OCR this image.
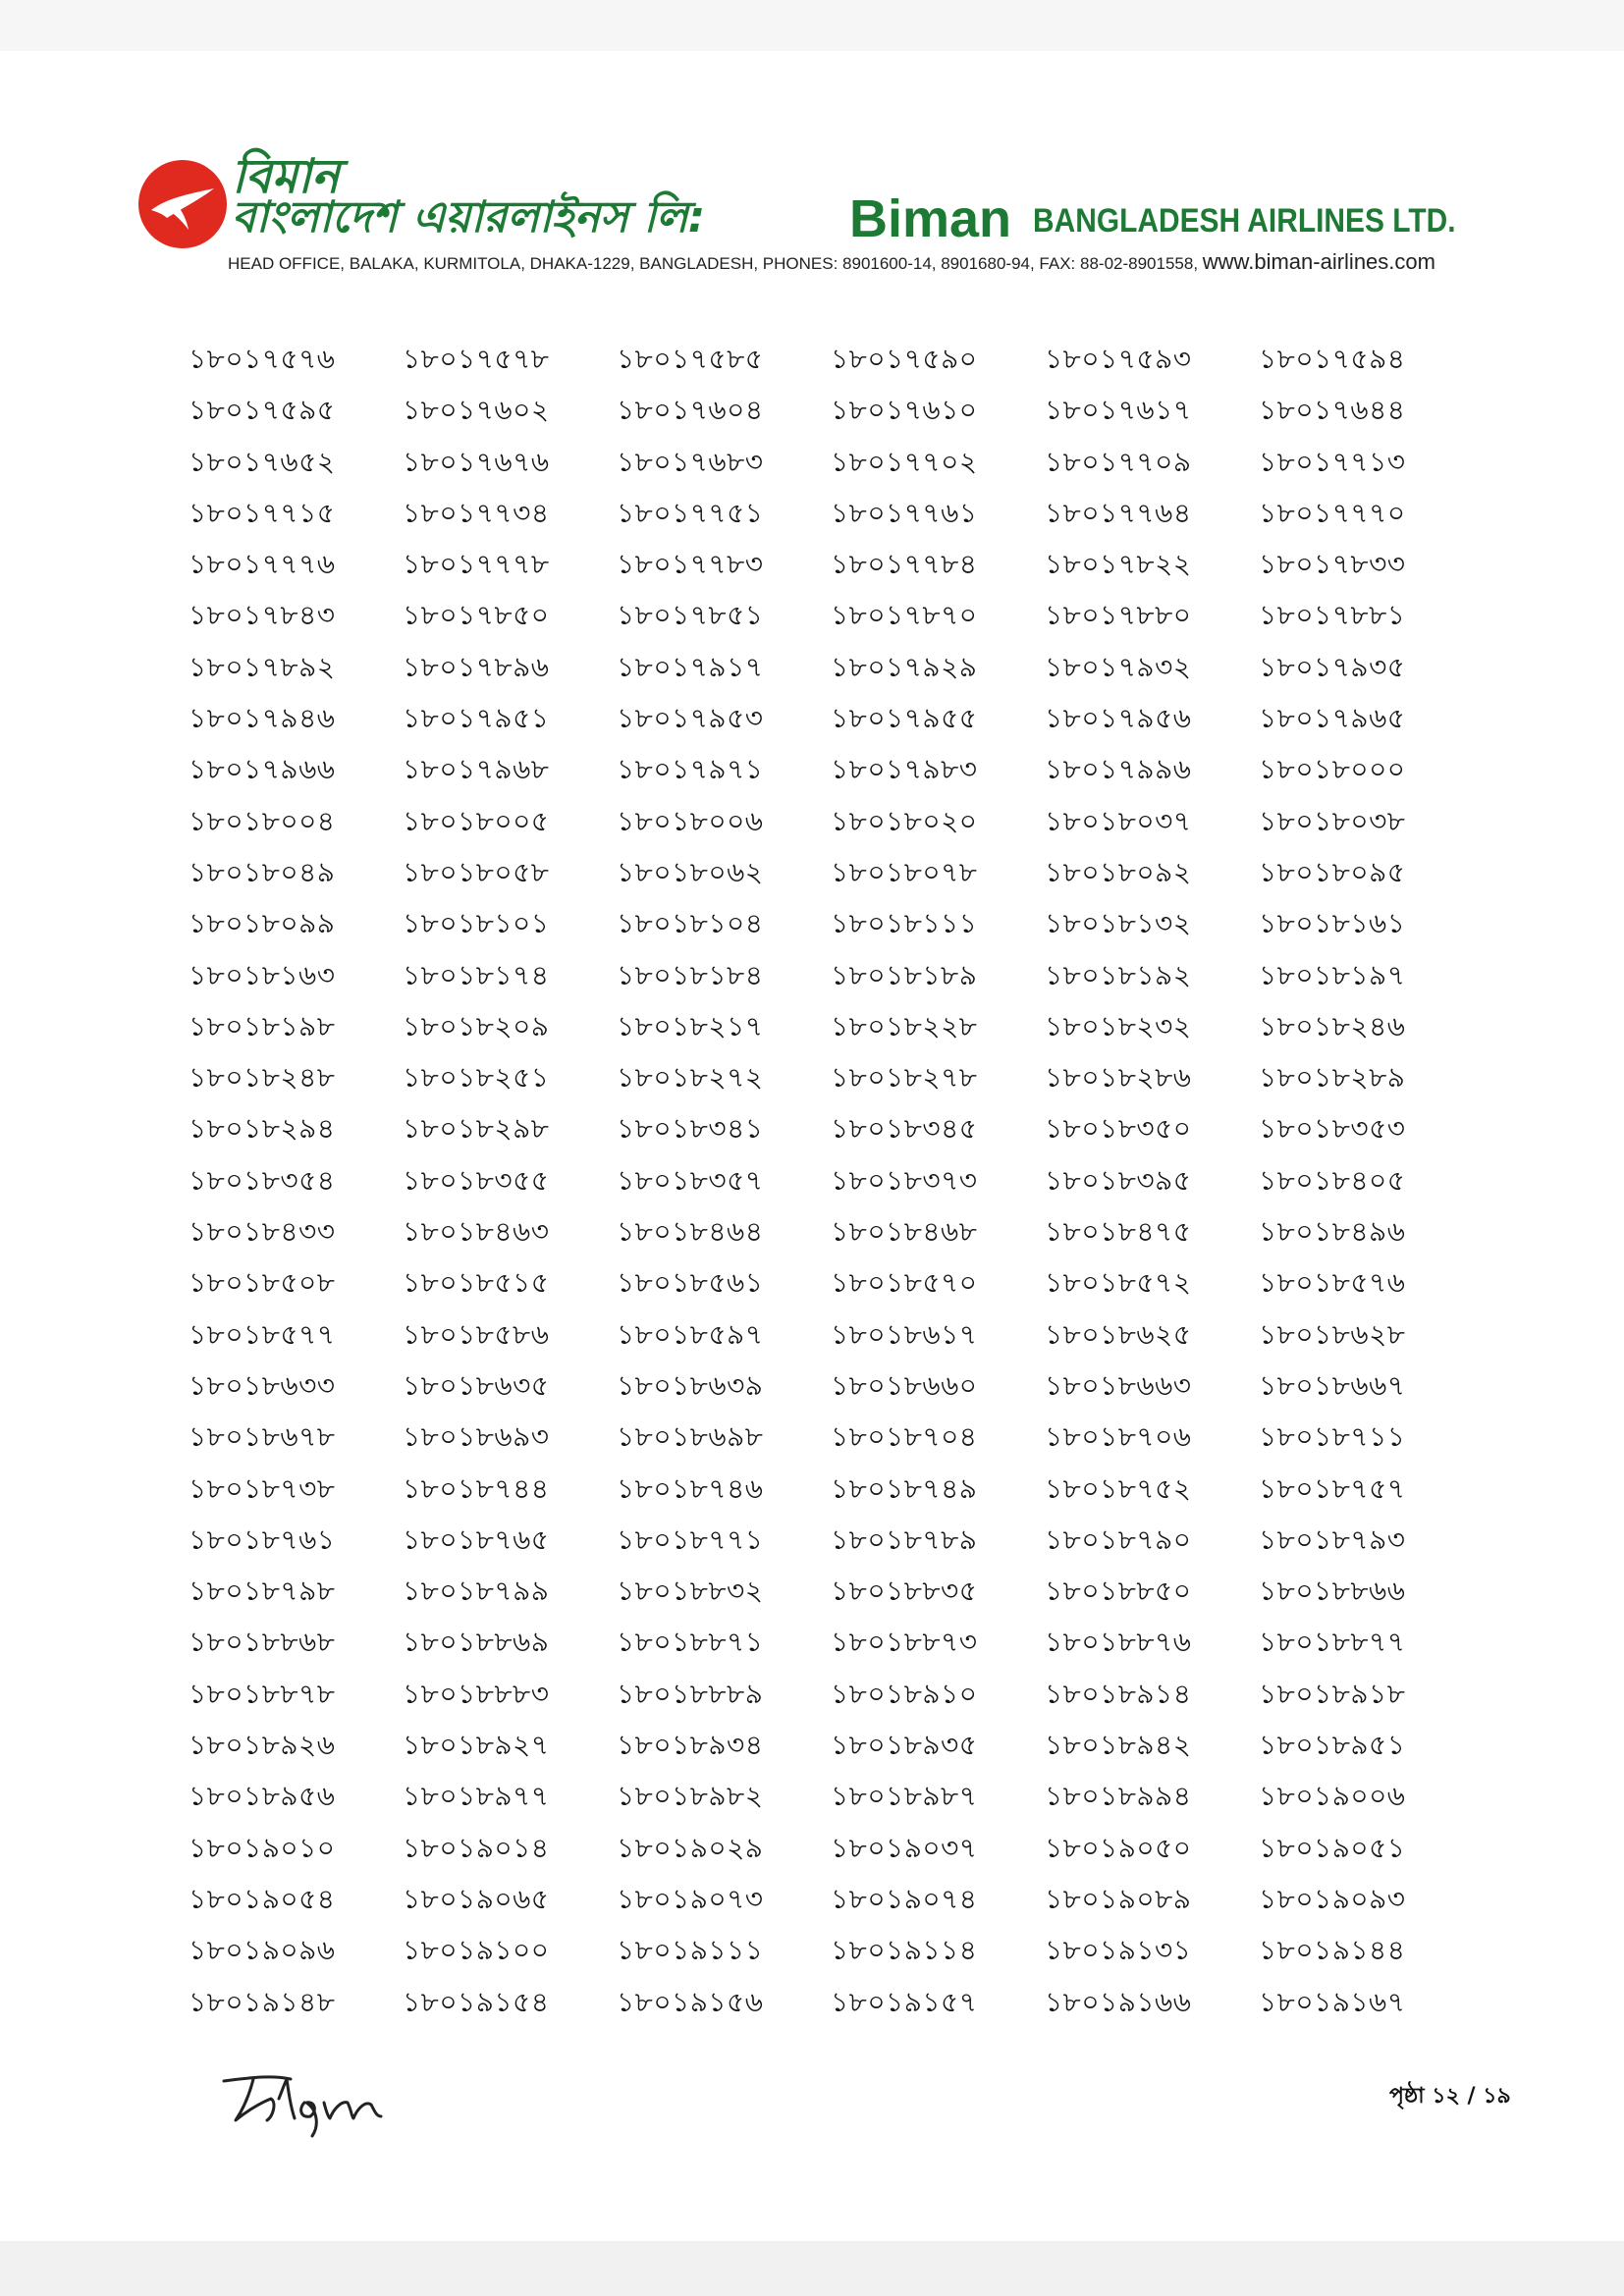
বিমান
বাংলাদেশ এয়ারলাইনস লি:	Biman BANGLADESH AIRLINES LTD.
HEAD OFFICE, BALAKA, KURMITOLA, DHAKA-1229, BANGLADESH, PHONES: 8901600-14, 8901680-94, FAX: 88-02-8901558, www.biman-airlines.com
১৮০১৭৫৭৬	১৮০১৭৫৭৮	১৮০১৭৫৮৫	১৮০১৭৫৯০	১৮০১৭৫৯৩	১৮০১৭৫৯৪
১৮০১৭৫৯৫	১৮০১৭৬০২	১৮০১৭৬০৪	১৮০১৭৬১০	১৮০১৭৬১৭	১৮০১৭৬৪৪
১৮০১৭৬৫২	১৮০১৭৬৭৬	১৮০১৭৬৮৩	১৮০১৭৭০২	১৮০১৭৭০৯	১৮০১৭৭১৩
১৮০১৭৭১৫	১৮০১৭৭৩৪	১৮০১৭৭৫১	১৮০১৭৭৬১	১৮০১৭৭৬৪	১৮০১৭৭৭০
১৮০১৭৭৭৬	১৮০১৭৭৭৮	১৮০১৭৭৮৩	১৮০১৭৭৮৪	১৮০১৭৮২২	১৮০১৭৮৩৩
১৮০১৭৮৪৩	১৮০১৭৮৫০	১৮০১৭৮৫১	১৮০১৭৮৭০	১৮০১৭৮৮০	১৮০১৭৮৮১
১৮০১৭৮৯২	১৮০১৭৮৯৬	১৮০১৭৯১৭	১৮০১৭৯২৯	১৮০১৭৯৩২	১৮০১৭৯৩৫
১৮০১৭৯৪৬	১৮০১৭৯৫১	১৮০১৭৯৫৩	১৮০১৭৯৫৫	১৮০১৭৯৫৬	১৮০১৭৯৬৫
১৮০১৭৯৬৬	১৮০১৭৯৬৮	১৮০১৭৯৭১	১৮০১৭৯৮৩	১৮০১৭৯৯৬	১৮০১৮০০০
১৮০১৮০০৪	১৮০১৮০০৫	১৮০১৮০০৬	১৮০১৮০২০	১৮০১৮০৩৭	১৮০১৮০৩৮
১৮০১৮০৪৯	১৮০১৮০৫৮	১৮০১৮০৬২	১৮০১৮০৭৮	১৮০১৮০৯২	১৮০১৮০৯৫
১৮০১৮০৯৯	১৮০১৮১০১	১৮০১৮১০৪	১৮০১৮১১১	১৮০১৮১৩২	১৮০১৮১৬১
১৮০১৮১৬৩	১৮০১৮১৭৪	১৮০১৮১৮৪	১৮০১৮১৮৯	১৮০১৮১৯২	১৮০১৮১৯৭
১৮০১৮১৯৮	১৮০১৮২০৯	১৮০১৮২১৭	১৮০১৮২২৮	১৮০১৮২৩২	১৮০১৮২৪৬
১৮০১৮২৪৮	১৮০১৮২৫১	১৮০১৮২৭২	১৮০১৮২৭৮	১৮০১৮২৮৬	১৮০১৮২৮৯
১৮০১৮২৯৪	১৮০১৮২৯৮	১৮০১৮৩৪১	১৮০১৮৩৪৫	১৮০১৮৩৫০	১৮০১৮৩৫৩
১৮০১৮৩৫৪	১৮০১৮৩৫৫	১৮০১৮৩৫৭	১৮০১৮৩৭৩	১৮০১৮৩৯৫	১৮০১৮৪০৫
১৮০১৮৪৩৩	১৮০১৮৪৬৩	১৮০১৮৪৬৪	১৮০১৮৪৬৮	১৮০১৮৪৭৫	১৮০১৮৪৯৬
১৮০১৮৫০৮	১৮০১৮৫১৫	১৮০১৮৫৬১	১৮০১৮৫৭০	১৮০১৮৫৭২	১৮০১৮৫৭৬
১৮০১৮৫৭৭	১৮০১৮৫৮৬	১৮০১৮৫৯৭	১৮০১৮৬১৭	১৮০১৮৬২৫	১৮০১৮৬২৮
১৮০১৮৬৩৩	১৮০১৮৬৩৫	১৮০১৮৬৩৯	১৮০১৮৬৬০	১৮০১৮৬৬৩	১৮০১৮৬৬৭
১৮০১৮৬৭৮	১৮০১৮৬৯৩	১৮০১৮৬৯৮	১৮০১৮৭০৪	১৮০১৮৭০৬	১৮০১৮৭১১
১৮০১৮৭৩৮	১৮০১৮৭৪৪	১৮০১৮৭৪৬	১৮০১৮৭৪৯	১৮০১৮৭৫২	১৮০১৮৭৫৭
১৮০১৮৭৬১	১৮০১৮৭৬৫	১৮০১৮৭৭১	১৮০১৮৭৮৯	১৮০১৮৭৯০	১৮০১৮৭৯৩
১৮০১৮৭৯৮	১৮০১৮৭৯৯	১৮০১৮৮৩২	১৮০১৮৮৩৫	১৮০১৮৮৫০	১৮০১৮৮৬৬
১৮০১৮৮৬৮	১৮০১৮৮৬৯	১৮০১৮৮৭১	১৮০১৮৮৭৩	১৮০১৮৮৭৬	১৮০১৮৮৭৭
১৮০১৮৮৭৮	১৮০১৮৮৮৩	১৮০১৮৮৮৯	১৮০১৮৯১০	১৮০১৮৯১৪	১৮০১৮৯১৮
১৮০১৮৯২৬	১৮০১৮৯২৭	১৮০১৮৯৩৪	১৮০১৮৯৩৫	১৮০১৮৯৪২	১৮০১৮৯৫১
১৮০১৮৯৫৬	১৮০১৮৯৭৭	১৮০১৮৯৮২	১৮০১৮৯৮৭	১৮০১৮৯৯৪	১৮০১৯০০৬
১৮০১৯০১০	১৮০১৯০১৪	১৮০১৯০২৯	১৮০১৯০৩৭	১৮০১৯০৫০	১৮০১৯০৫১
১৮০১৯০৫৪	১৮০১৯০৬৫	১৮০১৯০৭৩	১৮০১৯০৭৪	১৮০১৯০৮৯	১৮০১৯০৯৩
১৮০১৯০৯৬	১৮০১৯১০০	১৮০১৯১১১	১৮০১৯১১৪	১৮০১৯১৩১	১৮০১৯১৪৪
১৮০১৯১৪৮	১৮০১৯১৫৪	১৮০১৯১৫৬	১৮০১৯১৫৭	১৮০১৯১৬৬	১৮০১৯১৬৭
পৃষ্ঠা ১২ / ১৯
